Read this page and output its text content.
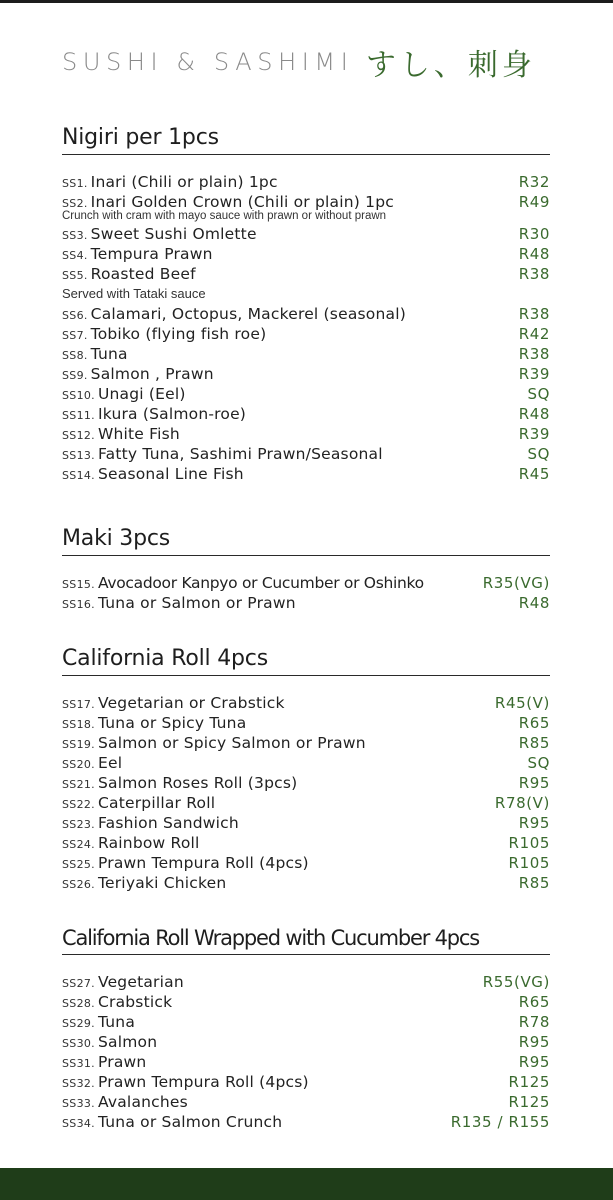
SUSHI & SASHIMI すし、刺身
Nigiri per 1pcs
SS1. Inari (Chili or plain) 1pc	R32
SS2. Inari Golden Crown (Chili or plain) 1pc	R49
Crunch with cram with mayo sauce with prawn or without prawn
SS3. Sweet Sushi Omlette	R30
SS4. Tempura Prawn	R48
SS5. Roasted Beef	R38
Served with Tataki sauce
SS6. Calamari, Octopus, Mackerel (seasonal)	R38
SS7. Tobiko (flying fish roe)	R42
SS8. Tuna	R38
SS9. Salmon , Prawn	R39
SS10. Unagi (Eel)	SQ
SS11. Ikura (Salmon-roe)	R48
SS12. White Fish	R39
SS13. Fatty Tuna, Sashimi Prawn/Seasonal	SQ
SS14. Seasonal Line Fish	R45
Maki 3pcs
SS15. Avocadoor Kanpyo or Cucumber or Oshinko	R35(VG)
SS16. Tuna or Salmon or Prawn	R48
California Roll 4pcs
SS17. Vegetarian or Crabstick	R45(V)
SS18. Tuna or Spicy Tuna	R65
SS19. Salmon or Spicy Salmon or Prawn	R85
SS20. Eel	SQ
SS21. Salmon Roses Roll (3pcs)	R95
SS22. Caterpillar Roll	R78(V)
SS23. Fashion Sandwich	R95
SS24. Rainbow Roll	R105
SS25. Prawn Tempura Roll (4pcs)	R105
SS26. Teriyaki Chicken	R85
California Roll Wrapped with Cucumber 4pcs
SS27. Vegetarian	R55(VG)
SS28. Crabstick	R65
SS29. Tuna	R78
SS30. Salmon	R95
SS31. Prawn	R95
SS32. Prawn Tempura Roll (4pcs)	R125
SS33. Avalanches	R125
SS34. Tuna or Salmon Crunch	R135 / R155
